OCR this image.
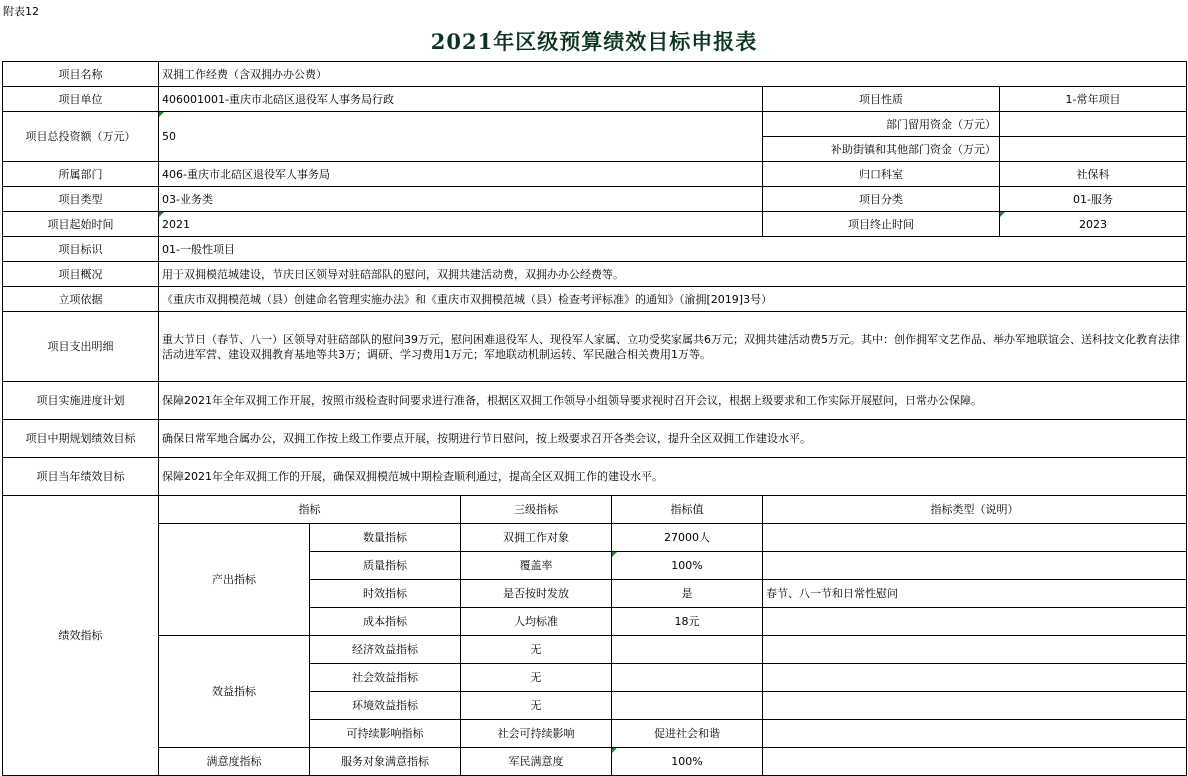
附表12
2021年区级预算绩效目标申报表
项目名称	双拥工作经费（含双拥办办公费）					
项目单位	406001001-重庆市北碚区退役军人事务局行政				项目性质	1-常年项目
项目总投资额（万元）	50				部门留用资金（万元）	
					补助街镇和其他部门资金（万元）	
所属部门	406-重庆市北碚区退役军人事务局				归口科室	社保科
项目类型	03-业务类				项目分类	01-服务
项目起始时间	2021				项目终止时间	2023
项目标识	01-一般性项目					
项目概况	用于双拥模范城建设，节庆日区领导对驻碚部队的慰问，双拥共建活动费，双拥办办公经费等。					
立项依据	《重庆市双拥模范城（县）创建命名管理实施办法》和《重庆市双拥模范城（县）检查考评标准》的通知》（渝拥[2019]3号）					
项目支出明细	重大节日（春节、八一）区领导对驻碚部队的慰问39万元，慰问困难退役军人、现役军人家属、立功受奖家属共6万元；双拥共建活动费5万元。其中：创作拥军文艺作品、举办军地联谊会、送科技文化教育法律活动进军营、建设双拥教育基地等共3万；调研、学习费用1万元；军地联动机制运转、军民融合相关费用1万等。					
项目实施进度计划	保障2021年全年双拥工作开展，按照市级检查时间要求进行准备，根据区双拥工作领导小组领导要求视时召开会议，根据上级要求和工作实际开展慰问，日常办公保障。					
项目中期规划绩效目标	确保日常军地合属办公，双拥工作按上级工作要点开展，按期进行节日慰问，按上级要求召开各类会议，提升全区双拥工作建设水平。					
项目当年绩效目标	保障2021年全年双拥工作的开展，确保双拥模范城中期检查顺利通过，提高全区双拥工作的建设水平。					
绩效指标	指标		三级指标	指标值	指标类型（说明）	
	产出指标	数量指标	双拥工作对象	27000人		
		质量指标	覆盖率	100%		
		时效指标	是否按时发放	是	春节、八一节和日常性慰问	
		成本指标	人均标准	18元		
	效益指标	经济效益指标	无			
		社会效益指标	无			
		环境效益指标	无			
		可持续影响指标	社会可持续影响	促进社会和谐		
	满意度指标	服务对象满意指标	军民满意度	100%		
